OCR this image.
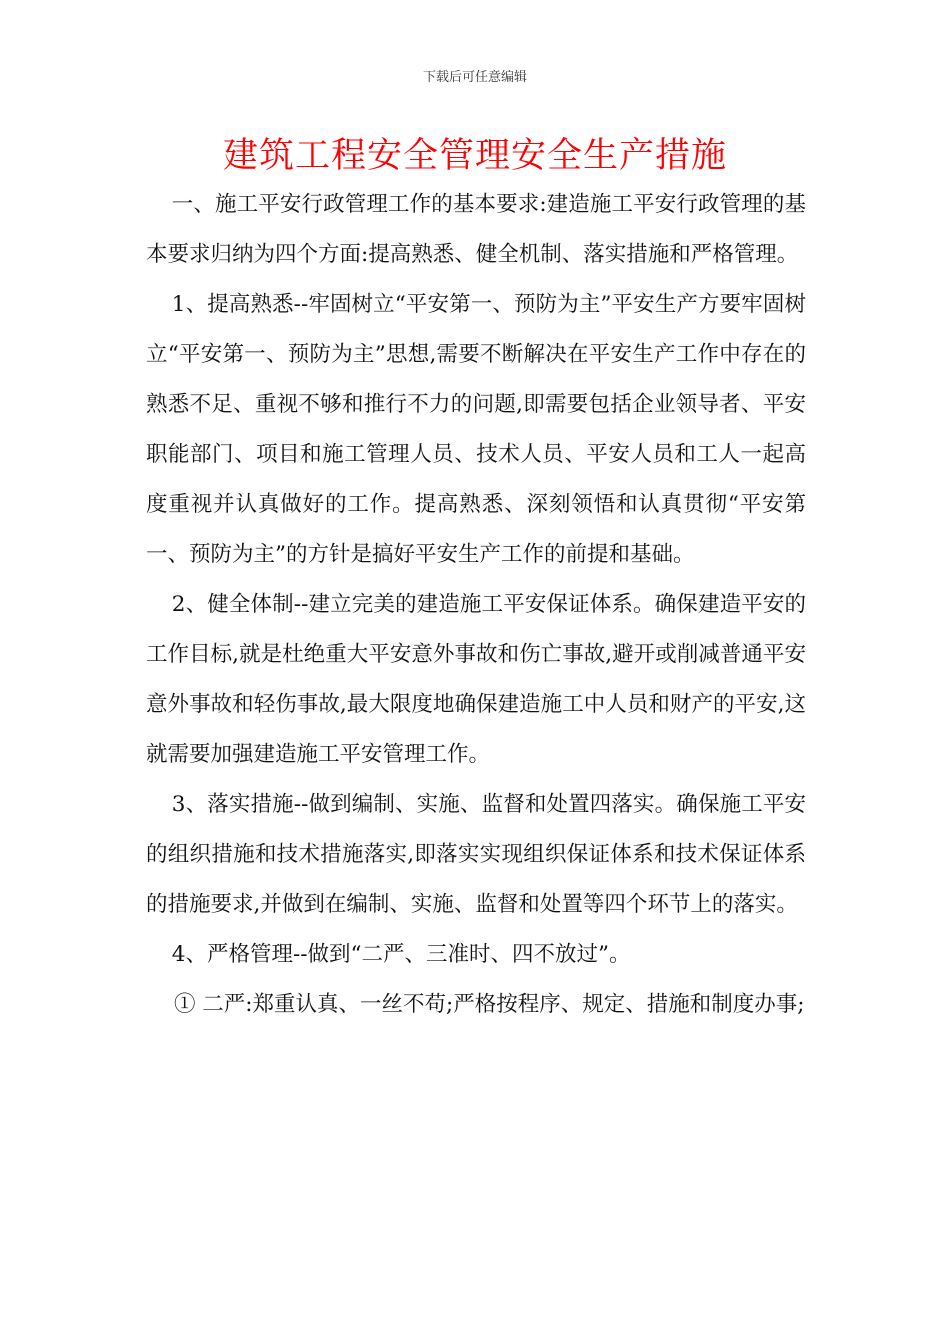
下载后可任意编辑
建筑工程安全管理安全生产措施

一、施工平安行政管理工作的基本要求:建造施工平安行政管理的基本要求归纳为四个方面:提高熟悉、健全机制、落实措施和严格管理。

1、提高熟悉--牢固树立“平安第一、预防为主”平安生产方要牢固树立“平安第一、预防为主”思想,需要不断解决在平安生产工作中存在的熟悉不足、重视不够和推行不力的问题,即需要包括企业领导者、平安职能部门、项目和施工管理人员、技术人员、平安人员和工人一起高度重视并认真做好的工作。提高熟悉、深刻领悟和认真贯彻“平安第一、预防为主”的方针是搞好平安生产工作的前提和基础。

2、健全体制--建立完美的建造施工平安保证体系。确保建造平安的工作目标,就是杜绝重大平安意外事故和伤亡事故,避开或削减普通平安意外事故和轻伤事故,最大限度地确保建造施工中人员和财产的平安,这就需要加强建造施工平安管理工作。

3、落实措施--做到编制、实施、监督和处置四落实。确保施工平安的组织措施和技术措施落实,即落实实现组织保证体系和技术保证体系的措施要求,并做到在编制、实施、监督和处置等四个环节上的落实。

4、严格管理--做到“二严、三准时、四不放过”。

① 二严:郑重认真、一丝不苟;严格按程序、规定、措施和制度办事;
